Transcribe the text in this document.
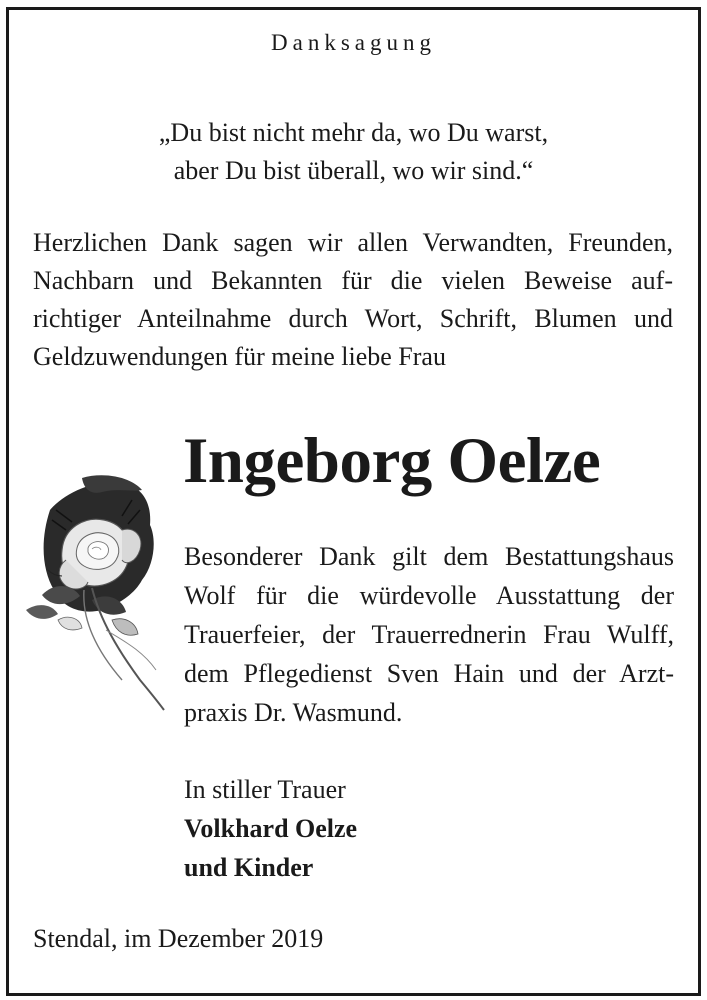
Danksagung
„Du bist nicht mehr da, wo Du warst,
aber Du bist überall, wo wir sind.“
Herzlichen Dank sagen wir allen Verwandten, Freunden,
Nachbarn und Bekannten für die vielen Beweise auf-
richtiger Anteilnahme durch Wort, Schrift, Blumen und
Geldzuwendungen für meine liebe Frau
Ingeborg Oelze
Besonderer Dank gilt dem Bestattungshaus
Wolf für die würdevolle Ausstattung der
Trauerfeier, der Trauerrednerin Frau Wulff,
dem Pflegedienst Sven Hain und der Arzt-
praxis Dr. Wasmund.
In stiller Trauer
Volkhard Oelze
und Kinder
Stendal, im Dezember 2019
